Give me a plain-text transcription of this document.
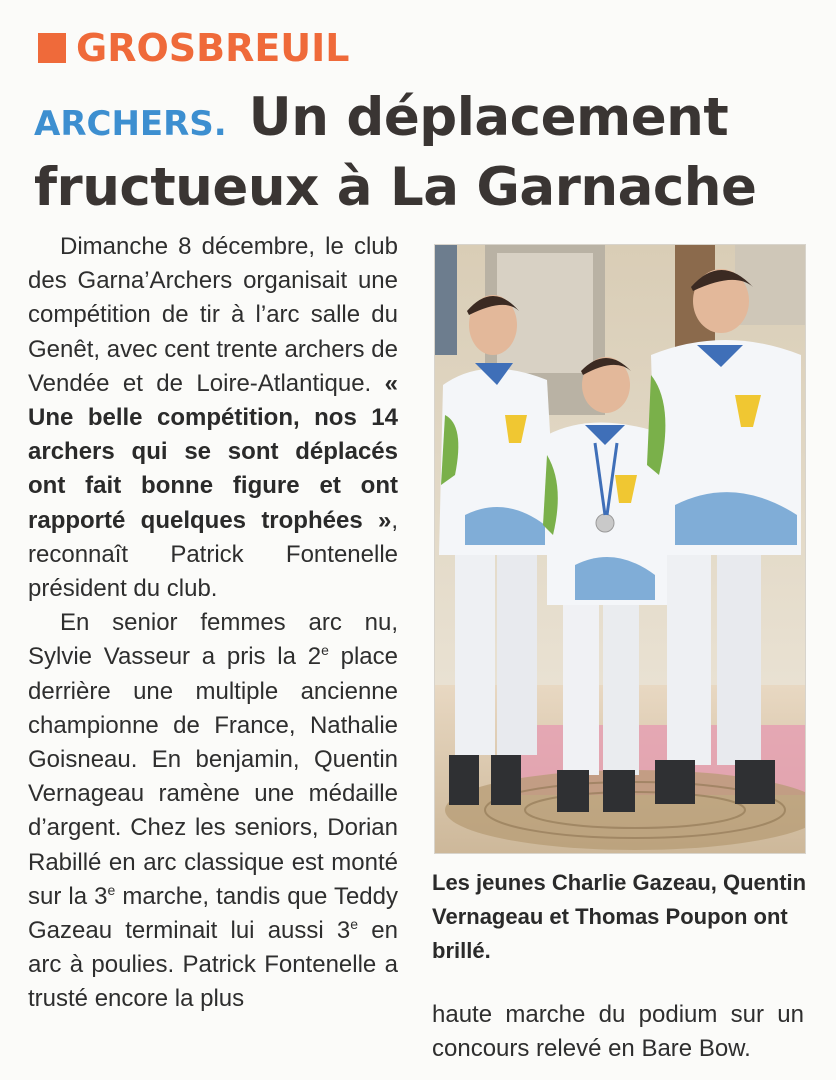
GROSBREUIL
ARCHERS. Un déplacement fructueux à La Garnache

Dimanche 8 décembre, le club des Garna’Archers organisait une compétition de tir à l’arc salle du Genêt, avec cent trente archers de Vendée et de Loire-Atlantique. « Une belle compétition, nos 14 archers qui se sont déplacés ont fait bonne figure et ont rapporté quelques trophées », reconnaît Patrick Fontenelle président du club.

En senior femmes arc nu, Sylvie Vasseur a pris la 2e place derrière une multiple ancienne championne de France, Nathalie Goisneau. En benjamin, Quentin Vernageau ramène une médaille d’argent. Chez les seniors, Dorian Rabillé en arc classique est monté sur la 3e marche, tandis que Teddy Gazeau terminait lui aussi 3e en arc à poulies. Patrick Fontenelle a trusté encore la plus

Les jeunes Charlie Gazeau, Quentin Vernageau et Thomas Poupon ont brillé.
haute marche du podium sur un concours relevé en Bare Bow.
